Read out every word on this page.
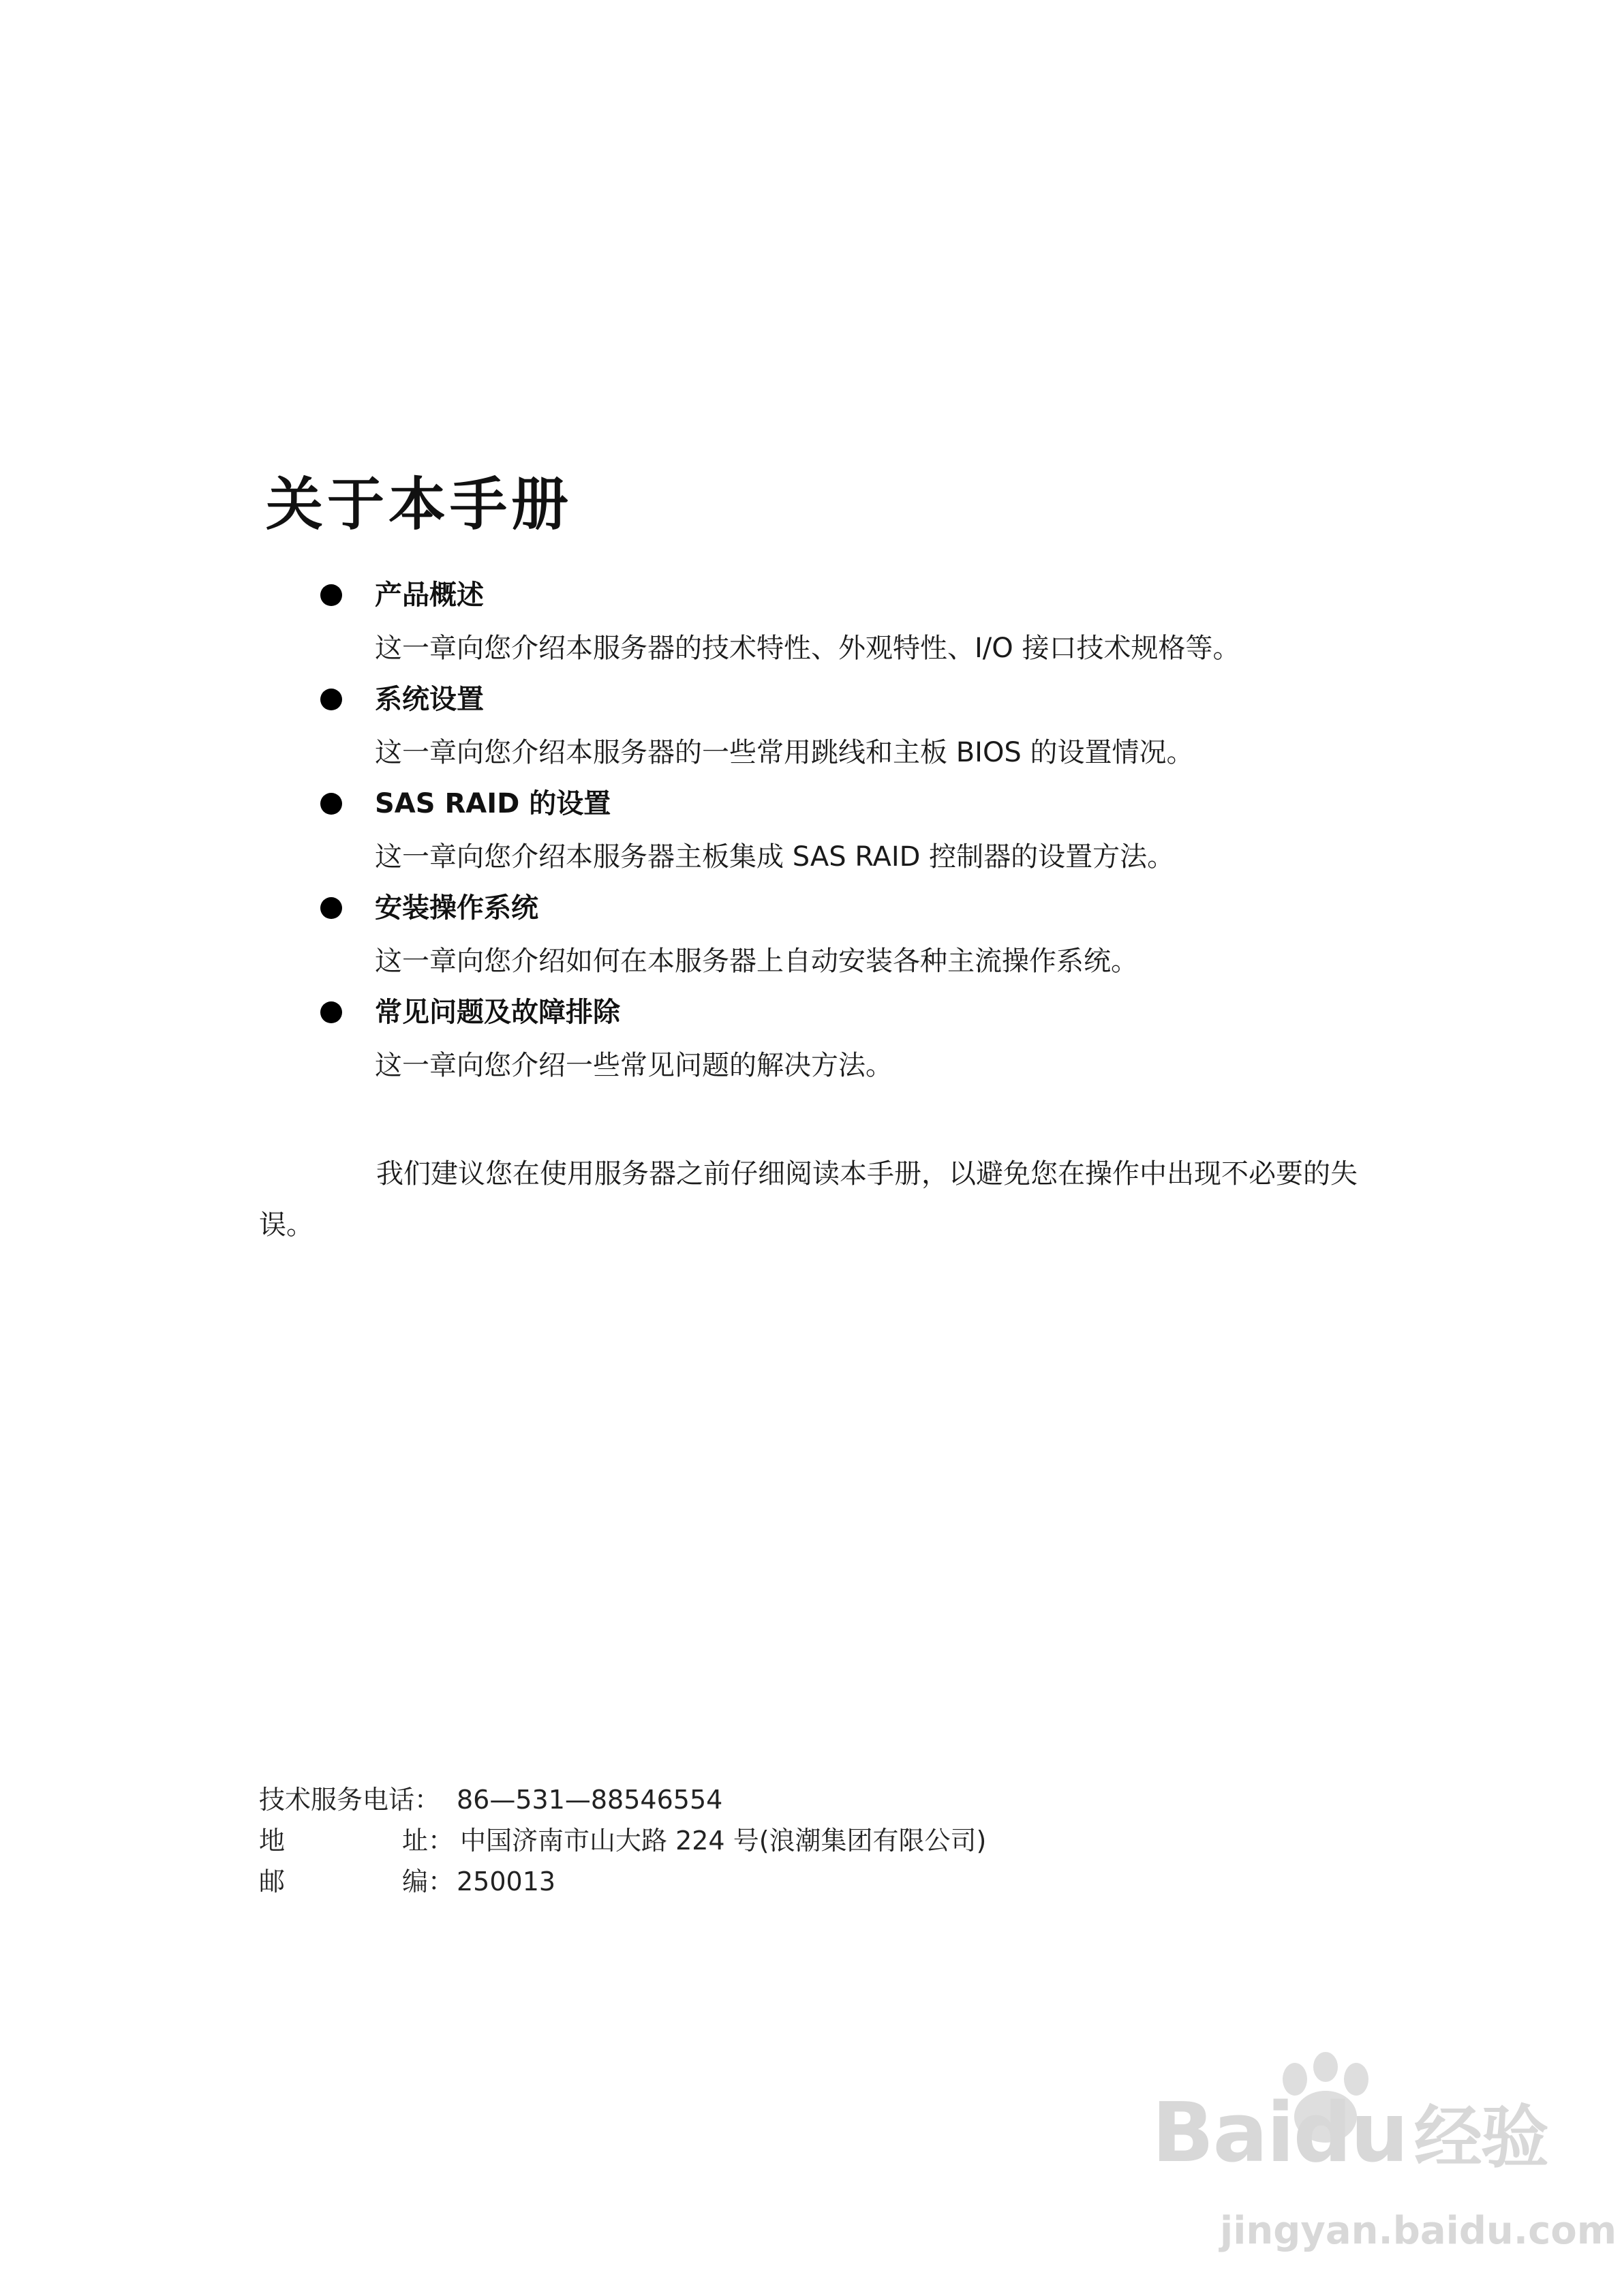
关于本手册
产品概述
这一章向您介绍本服务器的技术特性、外观特性、I/O 接口技术规格等。
系统设置
这一章向您介绍本服务器的一些常用跳线和主板 BIOS 的设置情况。
SAS RAID 的设置
这一章向您介绍本服务器主板集成 SAS RAID 控制器的设置方法。
安装操作系统
这一章向您介绍如何在本服务器上自动安装各种主流操作系统。
常见问题及故障排除
这一章向您介绍一些常见问题的解决方法。

我们建议您在使用服务器之前仔细阅读本手册，以避免您在操作中出现不必要的失误。

技术服务电话： 86—531—88546554
地	址： 中国济南市山大路 224 号(浪潮集团有限公司)
邮	编： 250013
Baidu 经验
jingyan.baidu.com
